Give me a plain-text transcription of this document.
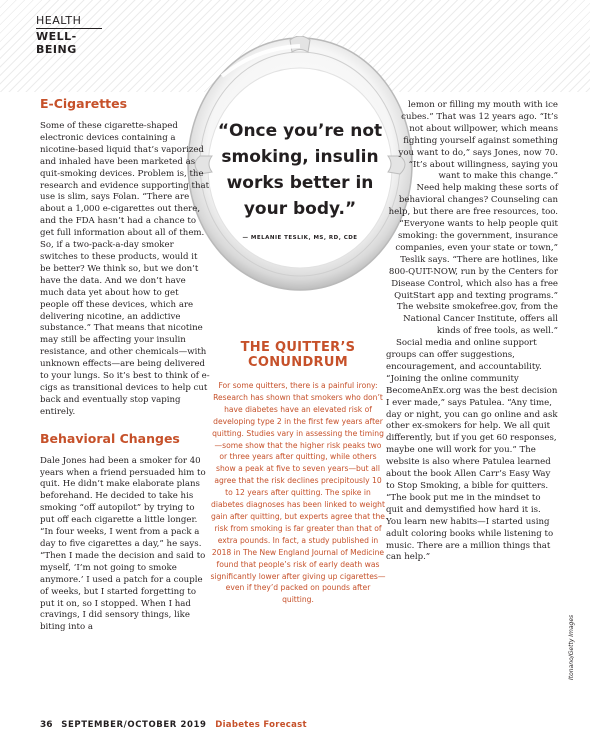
HEALTH
WELL-BEING
“Once you’re not smoking, insulin works better in your body.”
— MELANIE TESLIK, MS, RD, CDE
E-Cigarettes

Some of these cigarette-shaped electronic devices containing a nicotine-based liquid that’s vaporized and inhaled have been marketed as quit-smoking devices. Problem is, the research and evidence supporting that use is slim, says Folan. “There are about a 1,000 e-cigarettes out there, and the FDA hasn’t had a chance to get full information about all of them. So, if a two-pack-a-day smoker switches to these products, would it be better? We think so, but we don’t have the data. And we don’t have much data yet about how to get people off these devices, which are delivering nicotine, an addictive substance.” That means that nicotine may still be affecting your insulin resistance, and other chemicals—with unknown effects—are being delivered to your lungs. So it’s best to think of e-cigs as transitional devices to help cut back and eventually stop vaping entirely.

Behavioral Changes

Dale Jones had been a smoker for 40 years when a friend persuaded him to quit. He didn’t make elaborate plans beforehand. He decided to take his smoking “off autopilot” by trying to put off each cigarette a little longer. “In four weeks, I went from a pack a day to five cigarettes a day,” he says. “Then I made the decision and said to myself, ‘I’m not going to smoke anymore.’ I used a patch for a couple of weeks, but I started forgetting to put it on, so I stopped. When I had cravings, I did sensory things, like biting into a

THE QUITTER’S
CONUNDRUM

For some quitters, there is a painful irony: Research has shown that smokers who don’t have diabetes have an elevated risk of developing type 2 in the first few years after quitting. Studies vary in assessing the timing—some show that the higher risk peaks two or three years after quitting, while others show a peak at five to seven years—but all agree that the risk declines precipitously 10 to 12 years after quitting. The spike in diabetes diagnoses has been linked to weight gain after quitting, but experts agree that the risk from smoking is far greater than that of extra pounds. In fact, a study published in 2018 in The New England Journal of Medicine found that people’s risk of early death was significantly lower after giving up cigarettes—even if they’d packed on pounds after quitting.

lemon or filling my mouth with ice cubes.” That was 12 years ago. “It’s not about willpower, which means fighting yourself against something you want to do,” says Jones, now 70. “It’s about willingness, saying you want to make this change.”

Need help making these sorts of behavioral changes? Counseling can help, but there are free resources, too. “Everyone wants to help people quit smoking: the government, insurance companies, even your state or town,” Teslik says. “There are hotlines, like 800-QUIT-NOW, run by the Centers for Disease Control, which also has a free QuitStart app and texting programs.” The website smokefree.gov, from the National Cancer Institute, offers all kinds of free tools, as well.”

Social media and online support groups can offer suggestions, encouragement, and accountability. “Joining the online community BecomeAnEx.org was the best decision I ever made,” says Patulea. “Any time, day or night, you can go online and ask other ex-smokers for help. We all quit differently, but if you get 60 responses, maybe one will work for you.” The website is also where Patulea learned about the book Allen Carr’s Easy Way to Stop Smoking, a bible for quitters. “The book put me in the mindset to quit and demystified how hard it is. You learn new habits—I started using adult coloring books while listening to music. There are a million things that can help.”

36 SEPTEMBER/OCTOBER 2019 Diabetes Forecast
Itonano/Getty Images
